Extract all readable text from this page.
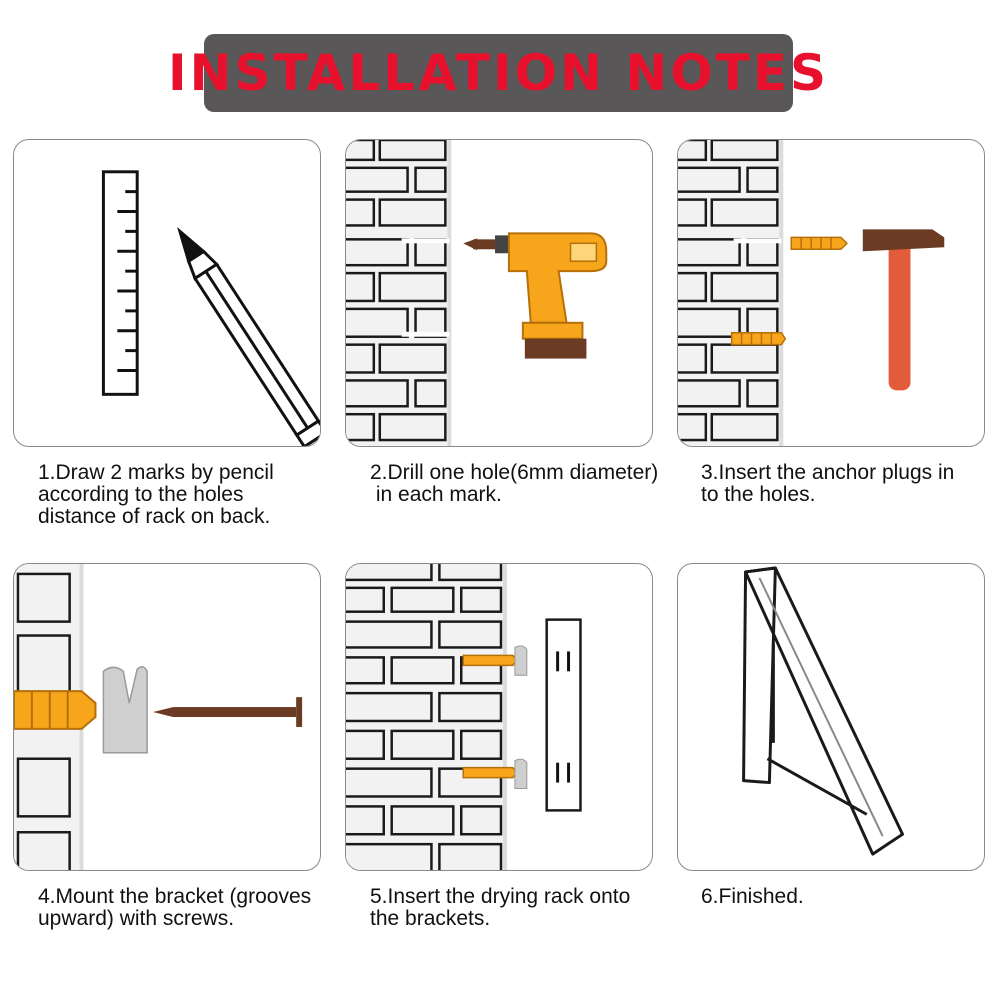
INSTALLATION NOTES
1.Draw 2 marks by pencil
according to the holes
distance of rack on back.
2.Drill one hole(6mm diameter)
in each mark.
3.Insert the anchor plugs in
to the holes.
4.Mount the bracket (grooves
upward) with screws.
5.Insert the drying rack onto
the brackets.
6.Finished.
